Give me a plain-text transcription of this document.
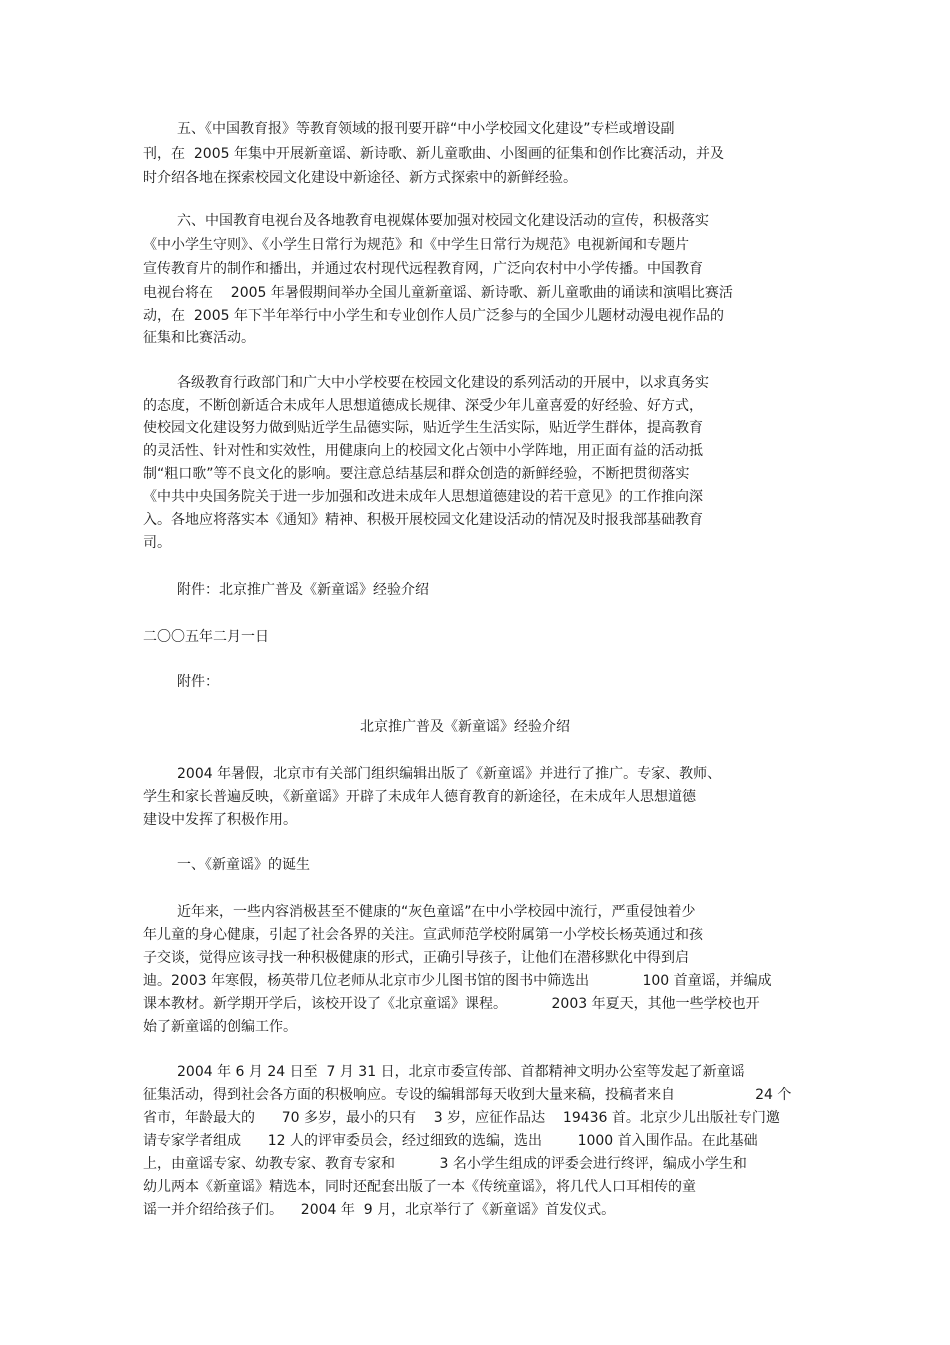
五、《中国教育报》等教育领域的报刊要开辟“中小学校园文化建设”专栏或增设副

刊，在  2005 年集中开展新童谣、新诗歌、新儿童歌曲、小图画的征集和创作比赛活动，并及

时介绍各地在探索校园文化建设中新途径、新方式探索中的新鲜经验。

六、中国教育电视台及各地教育电视媒体要加强对校园文化建设活动的宣传，积极落实

《中小学生守则》、《小学生日常行为规范》和《中学生日常行为规范》电视新闻和专题片

宣传教育片的制作和播出，并通过农村现代远程教育网，广泛向农村中小学传播。中国教育

电视台将在    2005 年暑假期间举办全国儿童新童谣、新诗歌、新儿童歌曲的诵读和演唱比赛活

动，在  2005 年下半年举行中小学生和专业创作人员广泛参与的全国少儿题材动漫电视作品的

征集和比赛活动。

各级教育行政部门和广大中小学校要在校园文化建设的系列活动的开展中，以求真务实

的态度，不断创新适合未成年人思想道德成长规律、深受少年儿童喜爱的好经验、好方式，

使校园文化建设努力做到贴近学生品德实际，贴近学生生活实际，贴近学生群体，提高教育

的灵活性、针对性和实效性，用健康向上的校园文化占领中小学阵地，用正面有益的活动抵

制“粗口歌”等不良文化的影响。要注意总结基层和群众创造的新鲜经验，不断把贯彻落实

《中共中央国务院关于进一步加强和改进未成年人思想道德建设的若干意见》的工作推向深

入。各地应将落实本《通知》精神、积极开展校园文化建设活动的情况及时报我部基础教育

司。

附件：北京推广普及《新童谣》经验介绍

二〇〇五年二月一日

附件：

北京推广普及《新童谣》经验介绍

2004 年暑假，北京市有关部门组织编辑出版了《新童谣》并进行了推广。专家、教师、

学生和家长普遍反映，《新童谣》开辟了未成年人德育教育的新途径，在未成年人思想道德

建设中发挥了积极作用。

一、《新童谣》的诞生

近年来，一些内容消极甚至不健康的“灰色童谣”在中小学校园中流行，严重侵蚀着少

年儿童的身心健康，引起了社会各界的关注。宣武师范学校附属第一小学校长杨英通过和孩

子交谈，觉得应该寻找一种积极健康的形式，正确引导孩子，让他们在潜移默化中得到启

迪。2003 年寒假，杨英带几位老师从北京市少儿图书馆的图书中筛选出            100 首童谣，并编成

课本教材。新学期开学后，该校开设了《北京童谣》课程。          2003 年夏天，其他一些学校也开

始了新童谣的创编工作。

2004 年 6 月 24 日至  7 月 31 日，北京市委宣传部、首都精神文明办公室等发起了新童谣

征集活动，得到社会各方面的积极响应。专设的编辑部每天收到大量来稿，投稿者来自                  24 个

省市，年龄最大的      70 多岁，最小的只有    3 岁，应征作品达    19436 首。北京少儿出版社专门邀

请专家学者组成      12 人的评审委员会，经过细致的选编，选出        1000 首入围作品。在此基础

上，由童谣专家、幼教专家、教育专家和          3 名小学生组成的评委会进行终评，编成小学生和

幼儿两本《新童谣》精选本，同时还配套出版了一本《传统童谣》，将几代人口耳相传的童

谣一并介绍给孩子们。    2004 年  9 月，北京举行了《新童谣》首发仪式。
